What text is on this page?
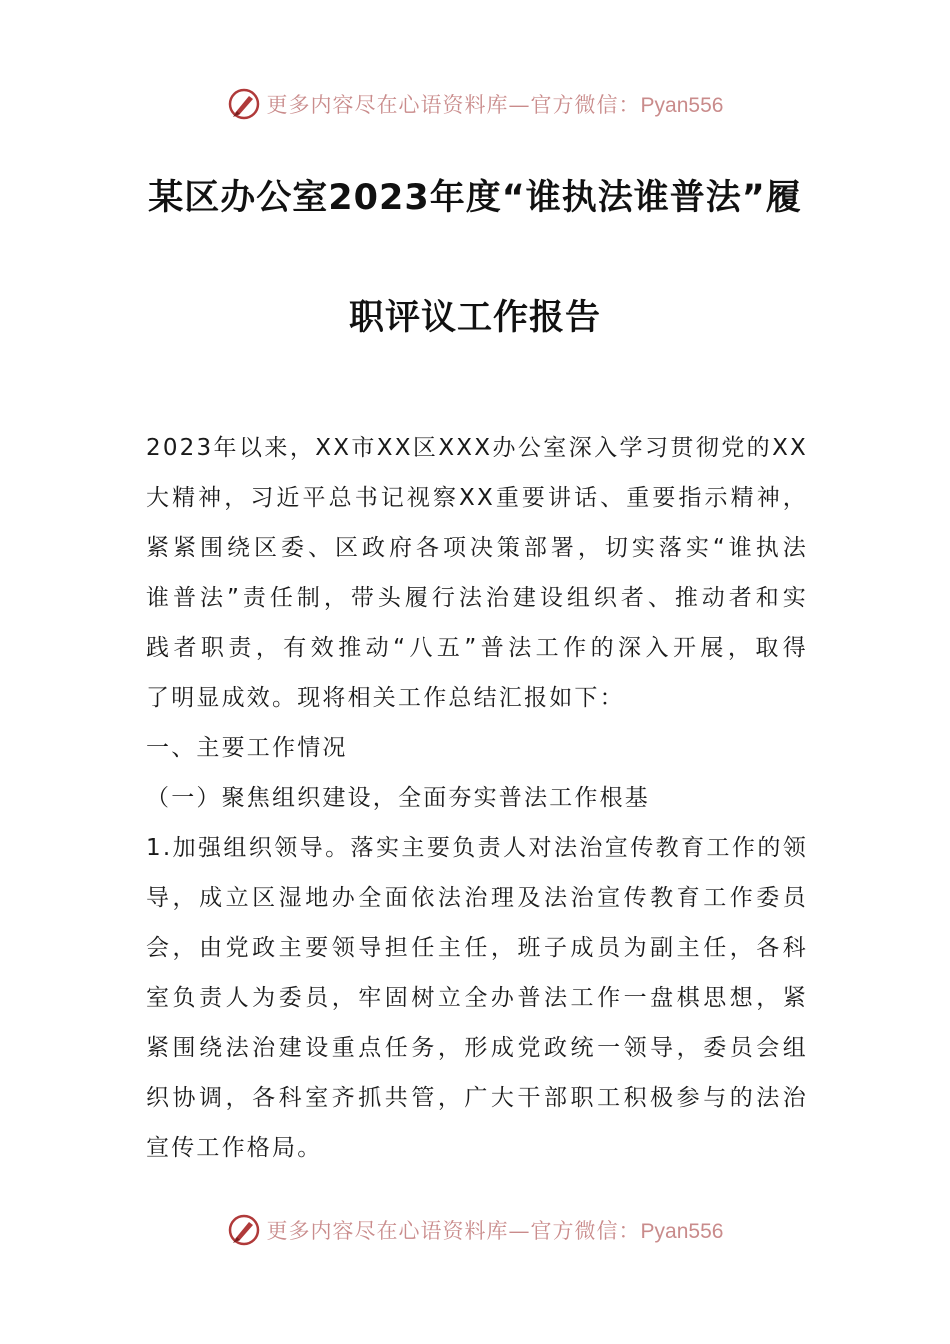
更多内容尽在心语资料库—官方微信：Pyan556
某区办公室2023年度“谁执法谁普法”履
职评议工作报告

2023年以来，XX市XX区XXX办公室深入学习贯彻党的XX

大精神，习近平总书记视察XX重要讲话、重要指示精神，

紧紧围绕区委、区政府各项决策部署，切实落实“谁执法

谁普法”责任制，带头履行法治建设组织者、推动者和实

践者职责，有效推动“八五”普法工作的深入开展，取得

了明显成效。现将相关工作总结汇报如下：

一、主要工作情况

（一）聚焦组织建设，全面夯实普法工作根基

1.加强组织领导。落实主要负责人对法治宣传教育工作的领

导，成立区湿地办全面依法治理及法治宣传教育工作委员

会，由党政主要领导担任主任，班子成员为副主任，各科

室负责人为委员，牢固树立全办普法工作一盘棋思想，紧

紧围绕法治建设重点任务，形成党政统一领导，委员会组

织协调，各科室齐抓共管，广大干部职工积极参与的法治

宣传工作格局。

更多内容尽在心语资料库—官方微信：Pyan556
